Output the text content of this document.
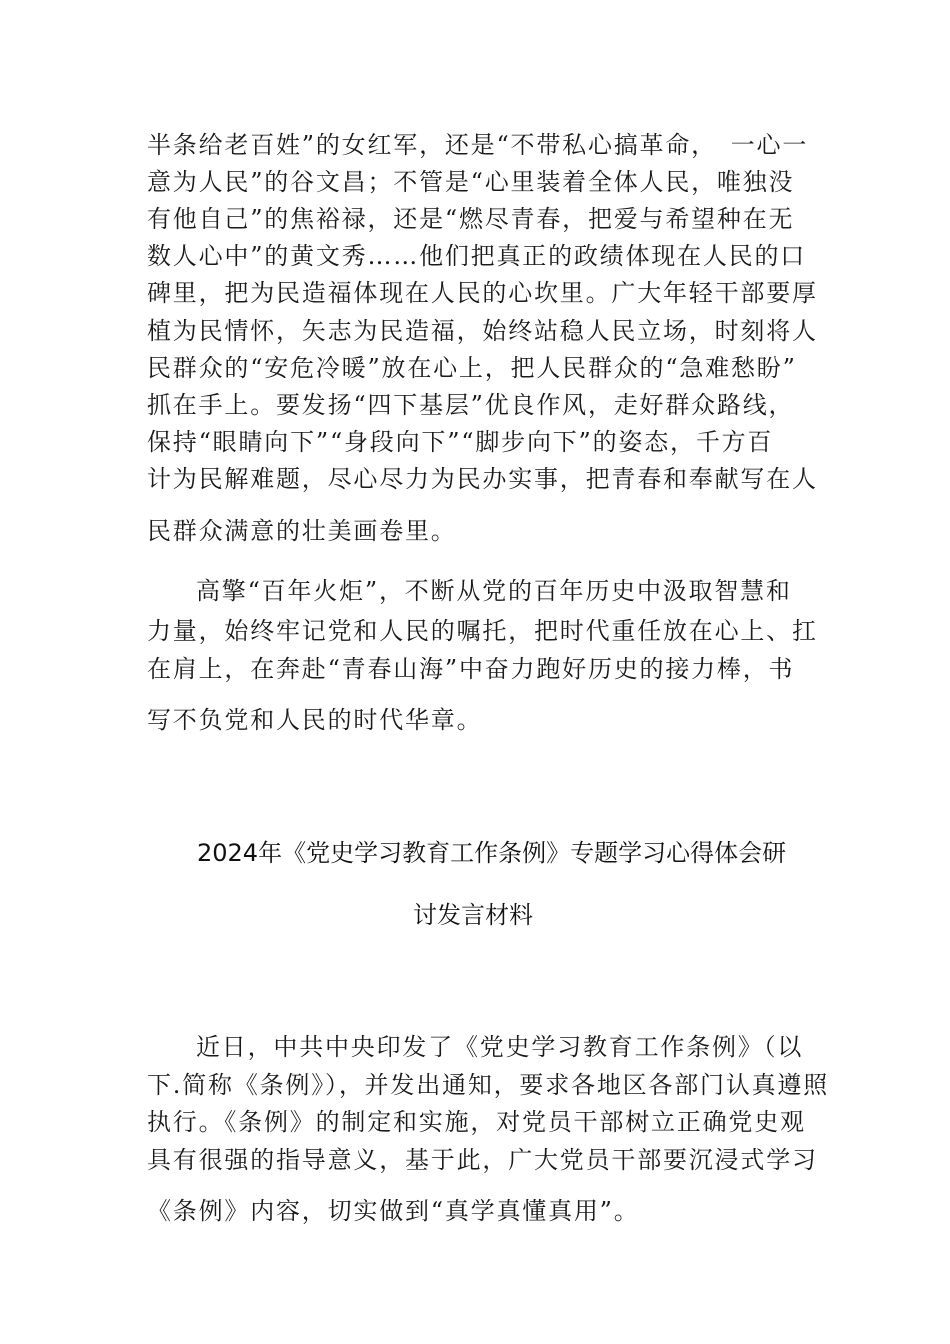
半条给老百姓”的女红军，还是“不带私心搞革命，　一心一
意为人民”的谷文昌；不管是“心里装着全体人民，唯独没
有他自己”的焦裕禄，还是“燃尽青春，把爱与希望种在无
数人心中”的黄文秀……他们把真正的政绩体现在人民的口
碑里，把为民造福体现在人民的心坎里。广大年轻干部要厚
植为民情怀，矢志为民造福，始终站稳人民立场，时刻将人
民群众的“安危冷暖”放在心上，把人民群众的“急难愁盼”
抓在手上。要发扬“四下基层”优良作风，走好群众路线，
保持“眼睛向下”“身段向下”“脚步向下”的姿态，千方百
计为民解难题，尽心尽力为民办实事，把青春和奉献写在人
民群众满意的壮美画卷里。
高擎“百年火炬”，不断从党的百年历史中汲取智慧和
力量，始终牢记党和人民的嘱托，把时代重任放在心上、扛
在肩上，在奔赴“青春山海”中奋力跑好历史的接力棒，书
写不负党和人民的时代华章。
2024年《党史学习教育工作条例》专题学习心得体会研
讨发言材料
近日，中共中央印发了《党史学习教育工作条例》（以
下.简称《条例》），并发出通知，要求各地区各部门认真遵照
执行。《条例》的制定和实施，对党员干部树立正确党史观
具有很强的指导意义，基于此，广大党员干部要沉浸式学习
《条例》内容，切实做到“真学真懂真用”。
